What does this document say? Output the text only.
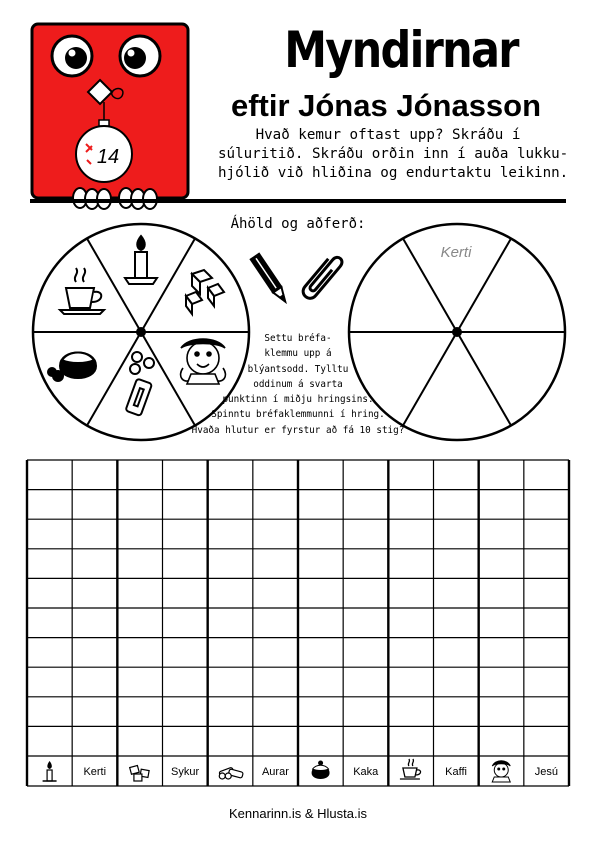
14
Myndirnar
eftir Jónas Jónasson
Hvað kemur oftast upp? Skráðu í
súluritið. Skráðu orðin inn í auða lukku-
hjólið við hliðina og endurtaktu leikinn.
Áhöld og aðferð:
Kerti
Settu bréfa-
klemmu upp á
blýantsodd. Tylltu
oddinum á svarta
punktinn í miðju hringsins.
Spinntu bréfaklemmunni í hring.
Hvaða hlutur er fyrstur að fá 10 stig?
Kerti	Sykur	Aurar	Kaka	Kaffi	Jesú
Kennarinn.is & Hlusta.is
